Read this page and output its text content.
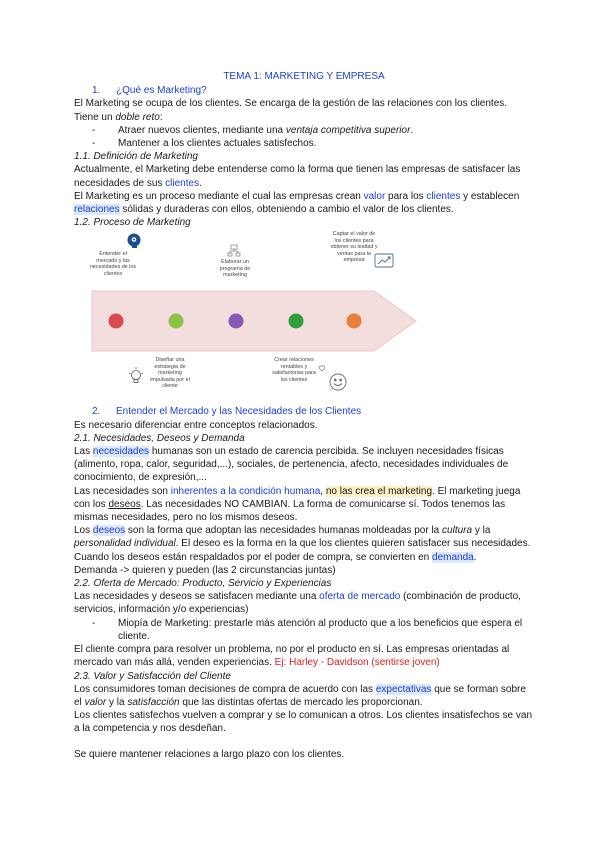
TEMA 1: MARKETING Y EMPRESA
1. ¿Qué es Marketing?

El Marketing se ocupa de los clientes. Se encarga de la gestión de las relaciones con los clientes.

Tiene un doble reto:

- Atraer nuevos clientes, mediante una ventaja competitiva superior.
- Mantener a los clientes actuales satisfechos.
1.1. Definición de Marketing

Actualmente, el Marketing debe entenderse como la forma que tienen las empresas de satisfacer las necesidades de sus clientes.

El Marketing es un proceso mediante el cual las empresas crean valor para los clientes y establecen relaciones sólidas y duraderas con ellos, obteniendo a cambio el valor de los clientes.

1.2. Proceso de Marketing
Entender el mercado y las necesidades de los clientes
Elaborar un programa de marketing
Captar el valor de los clientes para obtener su lealtad y ventas para la empresa
Diseñar una estrategia de marketing impulsada por el cliente
Crear relaciones rentables y satisfactorias para los clientes
2. Entender el Mercado y las Necesidades de los Clientes

Es necesario diferenciar entre conceptos relacionados.

2.1. Necesidades, Deseos y Demanda

Las necesidades humanas son un estado de carencia percibida. Se incluyen necesidades físicas (alimento, ropa, calor, seguridad,...), sociales, de pertenencia, afecto, necesidades individuales de conocimiento, de expresión,...

Las necesidades son inherentes a la condición humana, no las crea el marketing. El marketing juega con los deseos. Las necesidades NO CAMBIAN. La forma de comunicarse sí. Todos tenemos las mismas necesidades, pero no los mismos deseos.

Los deseos son la forma que adoptan las necesidades humanas moldeadas por la cultura y la personalidad individual. El deseo es la forma en la que los clientes quieren satisfacer sus necesidades.

Cuando los deseos están respaldados por el poder de compra, se convierten en demanda.

Demanda -> quieren y pueden (las 2 circunstancias juntas)

2.2. Oferta de Mercado: Producto, Servicio y Experiencias

Las necesidades y deseos se satisfacen mediante una oferta de mercado (combinación de producto, servicios, información y/o experiencias)

- Miopía de Marketing: prestarle más atención al producto que a los beneficios que espera el cliente.

El cliente compra para resolver un problema, no por el producto en sí. Las empresas orientadas al mercado van más allá, venden experiencias. Ej: Harley - Davidson (sentirse joven)

2.3. Valor y Satisfacción del Cliente

Los consumidores toman decisiones de compra de acuerdo con las expectativas que se forman sobre el valor y la satisfacción que las distintas ofertas de mercado les proporcionan.

Los clientes satisfechos vuelven a comprar y se lo comunican a otros. Los clientes insatisfechos se van a la competencia y nos desdeñan.

Se quiere mantener relaciones a largo plazo con los clientes.
